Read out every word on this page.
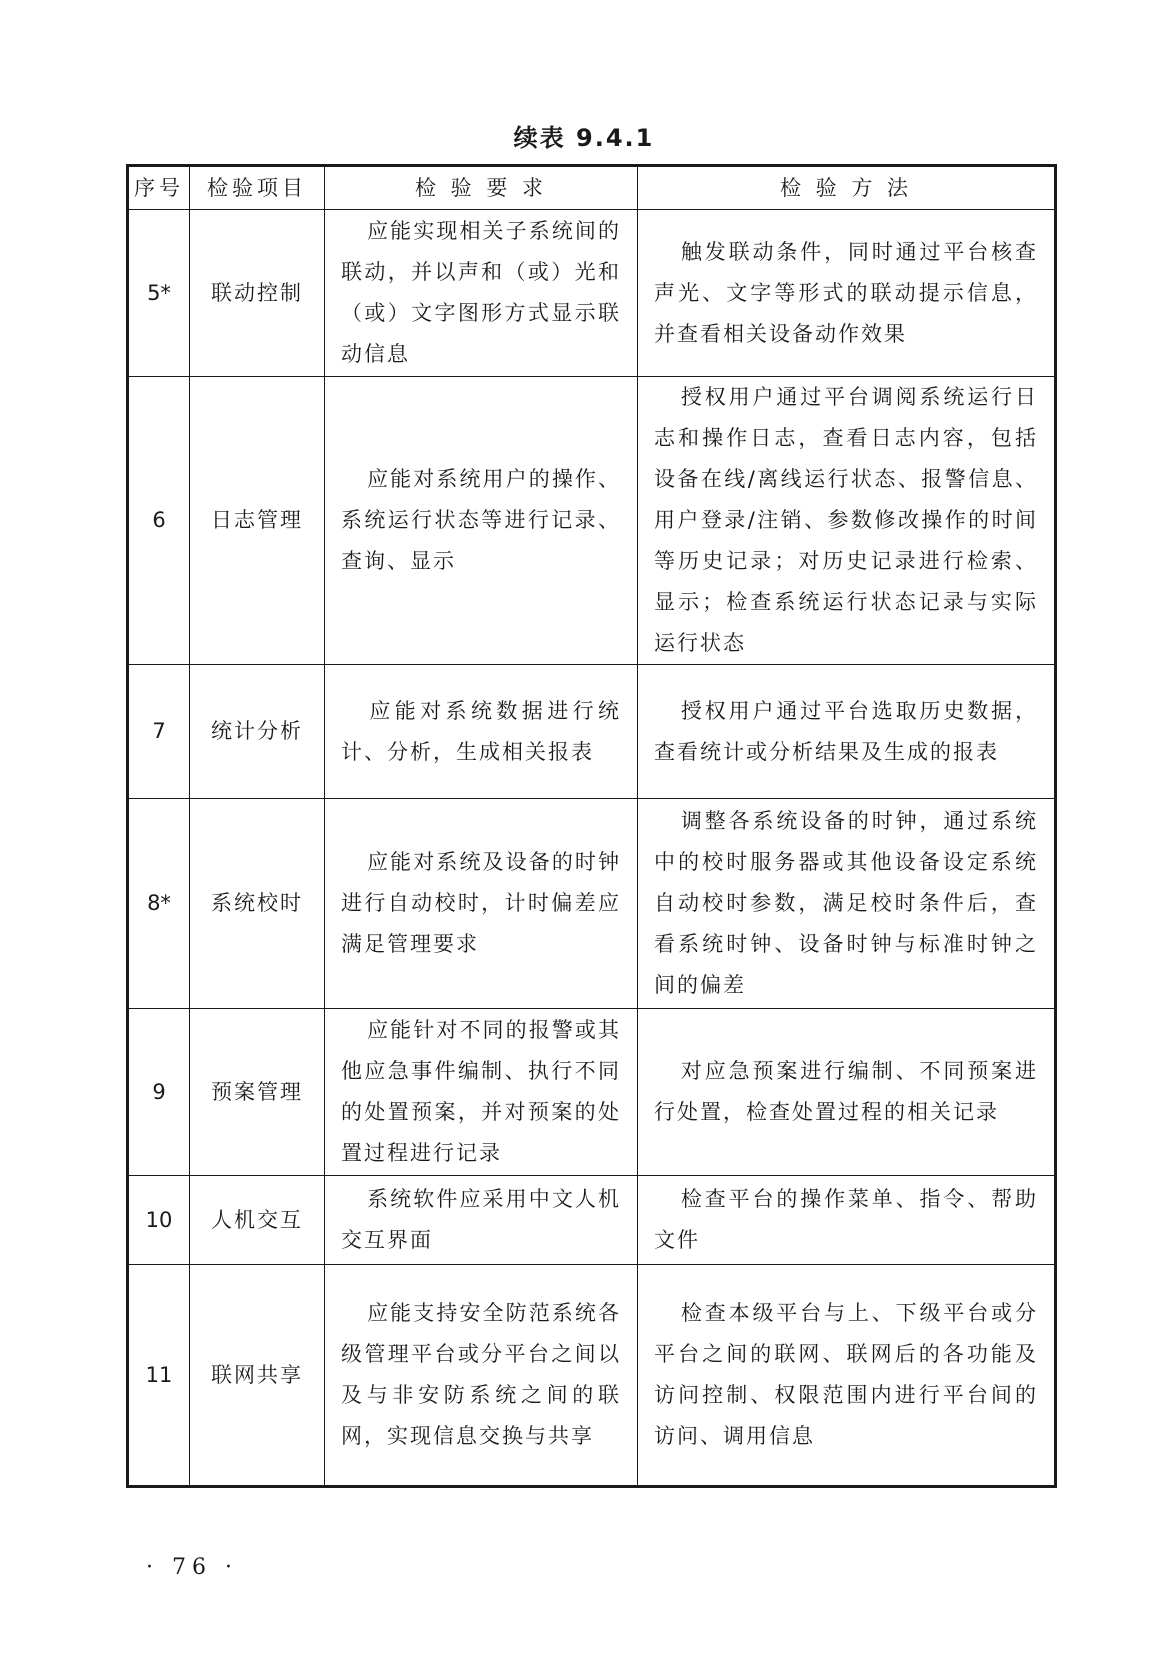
续表 9.4.1
序号	检验项目	检 验 要 求	检 验 方 法
5*	联动控制	应能实现相关子系统间的联动，并以声和（或）光和（或）文字图形方式显示联动信息	触发联动条件，同时通过平台核查声光、文字等形式的联动提示信息，并查看相关设备动作效果
6	日志管理	应能对系统用户的操作、系统运行状态等进行记录、查询、显示	授权用户通过平台调阅系统运行日志和操作日志，查看日志内容，包括设备在线/离线运行状态、报警信息、用户登录/注销、参数修改操作的时间等历史记录；对历史记录进行检索、显示；检查系统运行状态记录与实际运行状态
7	统计分析	应能对系统数据进行统计、分析，生成相关报表	授权用户通过平台选取历史数据，查看统计或分析结果及生成的报表
8*	系统校时	应能对系统及设备的时钟进行自动校时，计时偏差应满足管理要求	调整各系统设备的时钟，通过系统中的校时服务器或其他设备设定系统自动校时参数，满足校时条件后，查看系统时钟、设备时钟与标准时钟之间的偏差
9	预案管理	应能针对不同的报警或其他应急事件编制、执行不同的处置预案，并对预案的处置过程进行记录	对应急预案进行编制、不同预案进行处置，检查处置过程的相关记录
10	人机交互	系统软件应采用中文人机交互界面	检查平台的操作菜单、指令、帮助文件
11	联网共享	应能支持安全防范系统各级管理平台或分平台之间以及与非安防系统之间的联网，实现信息交换与共享	检查本级平台与上、下级平台或分平台之间的联网、联网后的各功能及访问控制、权限范围内进行平台间的访问、调用信息
· 76 ·
